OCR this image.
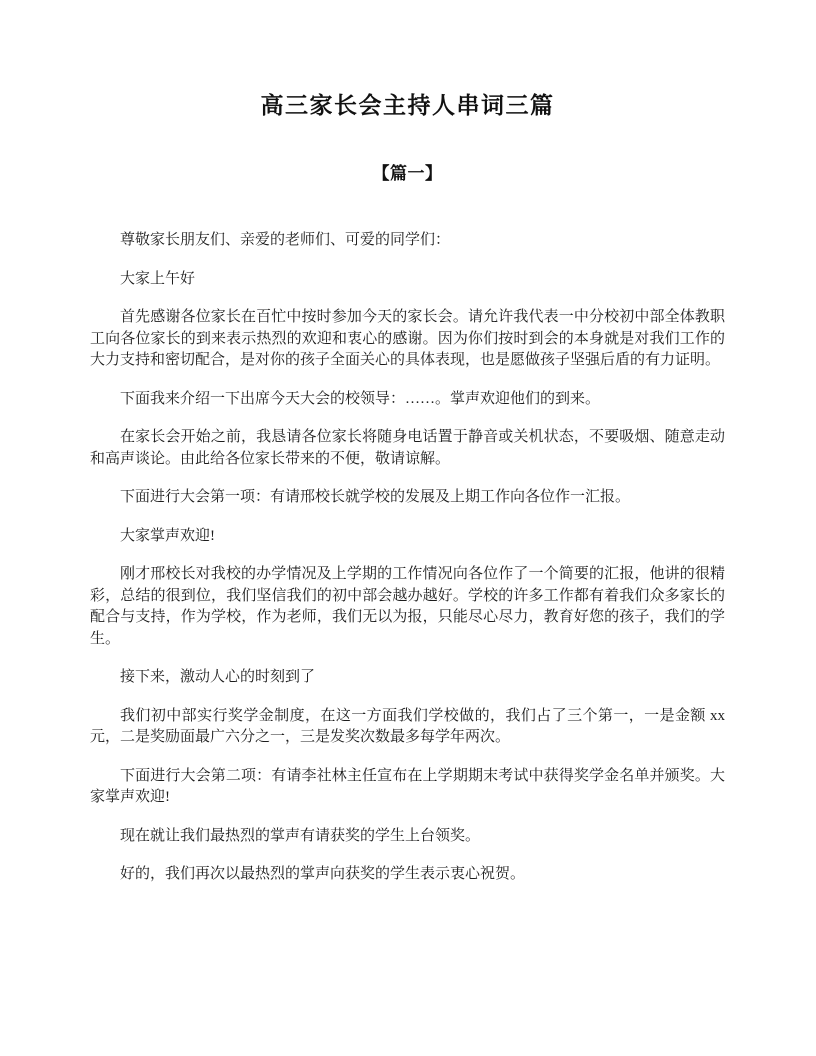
高三家长会主持人串词三篇
【篇一】

尊敬家长朋友们、亲爱的老师们、可爱的同学们：

大家上午好

首先感谢各位家长在百忙中按时参加今天的家长会。请允许我代表一中分校初中部全体教职工向各位家长的到来表示热烈的欢迎和衷心的感谢。因为你们按时到会的本身就是对我们工作的大力支持和密切配合，是对你的孩子全面关心的具体表现，也是愿做孩子坚强后盾的有力证明。

下面我来介绍一下出席今天大会的校领导：……。掌声欢迎他们的到来。

在家长会开始之前，我恳请各位家长将随身电话置于静音或关机状态，不要吸烟、随意走动和高声谈论。由此给各位家长带来的不便，敬请谅解。

下面进行大会第一项：有请邢校长就学校的发展及上期工作向各位作一汇报。

大家掌声欢迎!

刚才邢校长对我校的办学情况及上学期的工作情况向各位作了一个简要的汇报，他讲的很精彩，总结的很到位，我们坚信我们的初中部会越办越好。学校的许多工作都有着我们众多家长的配合与支持，作为学校，作为老师，我们无以为报，只能尽心尽力，教育好您的孩子，我们的学生。

接下来，激动人心的时刻到了

我们初中部实行奖学金制度，在这一方面我们学校做的，我们占了三个第一，一是金额 xx 元，二是奖励面最广六分之一，三是发奖次数最多每学年两次。

下面进行大会第二项：有请李社林主任宣布在上学期期末考试中获得奖学金名单并颁奖。大家掌声欢迎!

现在就让我们最热烈的掌声有请获奖的学生上台领奖。

好的，我们再次以最热烈的掌声向获奖的学生表示衷心祝贺。
